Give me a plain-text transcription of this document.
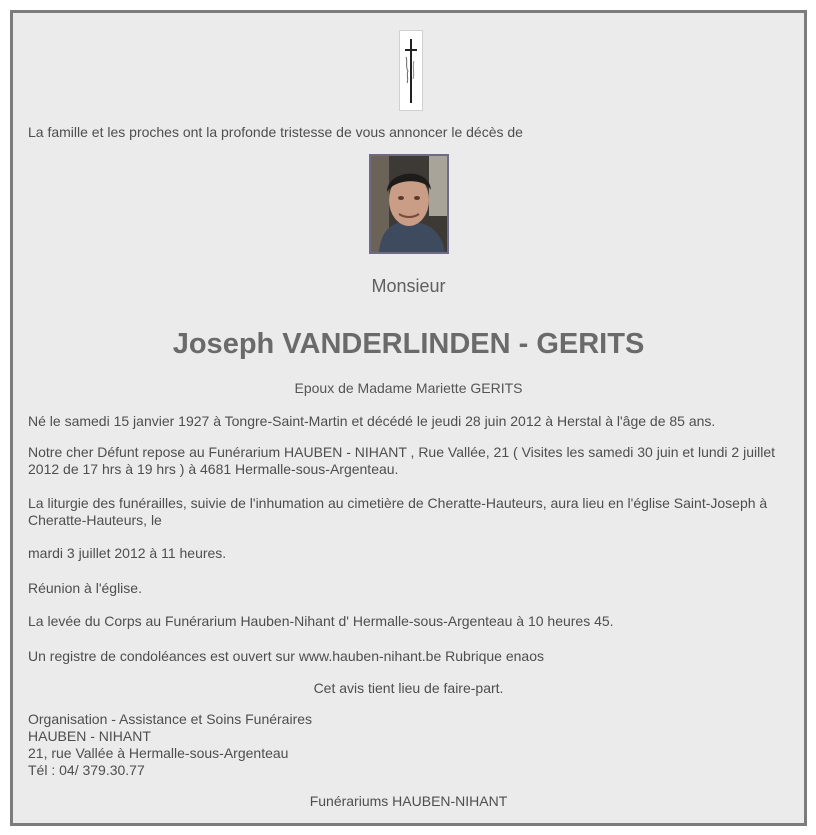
La famille et les proches ont la profonde tristesse de vous annoncer le décès de
Monsieur
Joseph VANDERLINDEN - GERITS
Epoux de Madame Mariette GERITS
Né le samedi 15 janvier 1927 à Tongre-Saint-Martin et décédé le jeudi 28 juin 2012 à Herstal à l'âge de 85 ans.
Notre cher Défunt repose au Funérarium HAUBEN - NIHANT , Rue Vallée, 21 ( Visites les samedi 30 juin et lundi 2 juillet 2012 de 17 hrs à 19 hrs ) à 4681 Hermalle-sous-Argenteau.
La liturgie des funérailles, suivie de l'inhumation au cimetière de Cheratte-Hauteurs, aura lieu en l'église Saint-Joseph à Cheratte-Hauteurs, le
mardi 3 juillet 2012 à 11 heures.
Réunion à l'église.
La levée du Corps au Funérarium Hauben-Nihant d' Hermalle-sous-Argenteau à 10 heures 45.
Un registre de condoléances est ouvert sur www.hauben-nihant.be Rubrique enaos
Cet avis tient lieu de faire-part.
Organisation - Assistance et Soins Funéraires
HAUBEN - NIHANT
21, rue Vallée à Hermalle-sous-Argenteau
Tél : 04/ 379.30.77
Funérariums HAUBEN-NIHANT
